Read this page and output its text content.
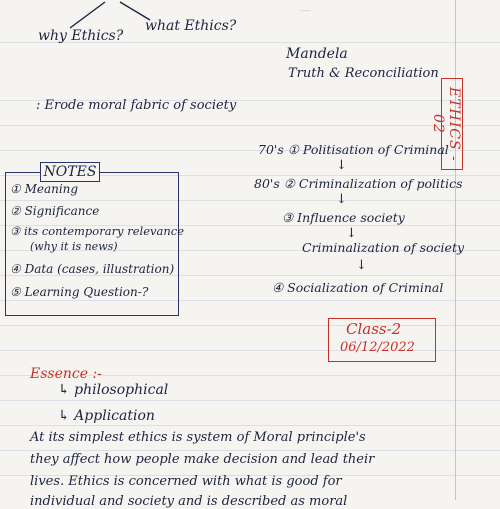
why Ethics?
what Ethics?
Mandela
Truth & Reconciliation
: Erode moral fabric of society
—
ETHICS - 02
NOTES
① Meaning
② Significance
③ its contemporary relevance
(why it is news)
④ Data (cases, illustration)
⑤ Learning Question-?
70's ① Politisation of Criminal
↓
80's ② Criminalization of politics
↓
③ Influence society
↓
Criminalization of society
↓
④ Socialization of Criminal
Class-2
06/12/2022
Essence :-
↳ philosophical
↳ Application
At its simplest ethics is system of Moral principle's
they affect how people make decision and lead their
lives. Ethics is concerned with what is good for
individual and society and is described as moral
